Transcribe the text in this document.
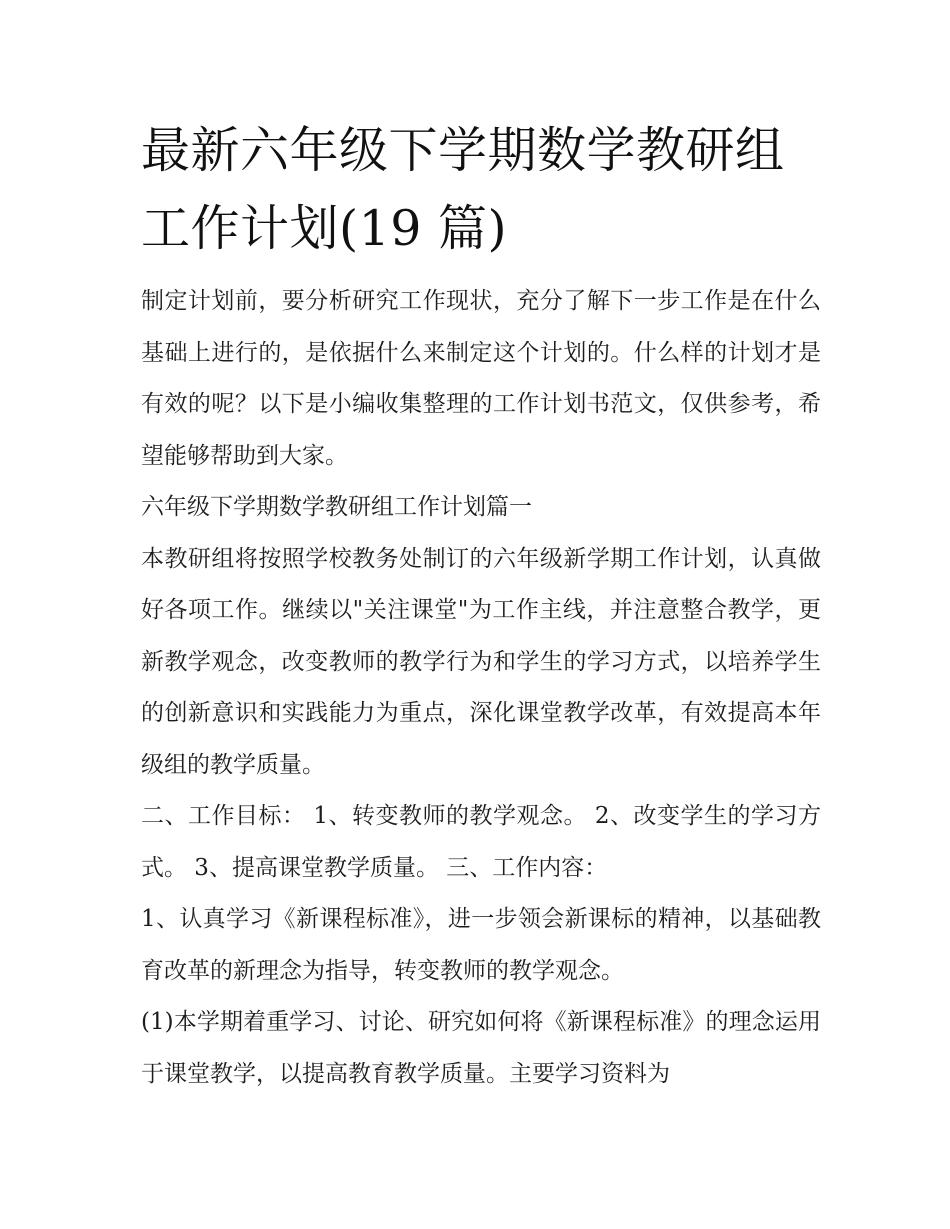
最新六年级下学期数学教研组工作计划(19 篇)

制定计划前，要分析研究工作现状，充分了解下一步工作是在什么基础上进行的，是依据什么来制定这个计划的。什么样的计划才是有效的呢？以下是小编收集整理的工作计划书范文，仅供参考，希望能够帮助到大家。

六年级下学期数学教研组工作计划篇一

本教研组将按照学校教务处制订的六年级新学期工作计划，认真做好各项工作。继续以"关注课堂"为工作主线，并注意整合教学，更新教学观念，改变教师的教学行为和学生的学习方式，以培养学生的创新意识和实践能力为重点，深化课堂教学改革，有效提高本年级组的教学质量。

二、工作目标： 1、转变教师的教学观念。 2、改变学生的学习方式。 3、提高课堂教学质量。 三、工作内容：

1、认真学习《新课程标准》，进一步领会新课标的精神，以基础教育改革的新理念为指导，转变教师的教学观念。

(1)本学期着重学习、讨论、研究如何将《新课程标准》的理念运用于课堂教学，以提高教育教学质量。主要学习资料为
